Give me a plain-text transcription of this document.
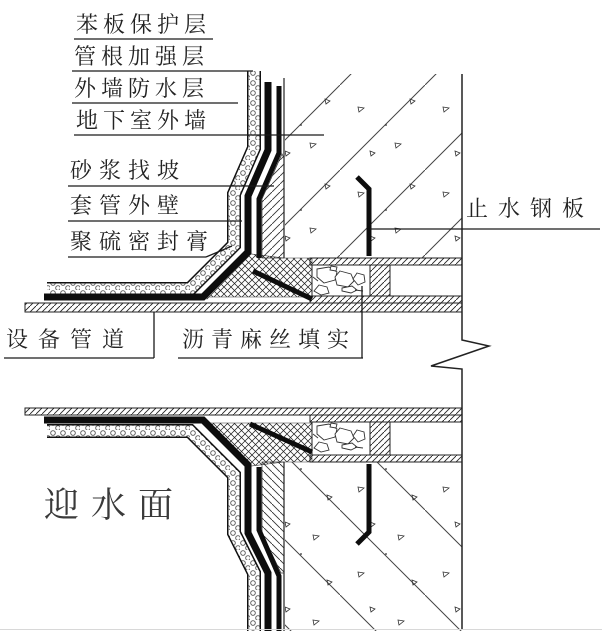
苯板保护层
管根加强层
外墙防水层
地下室外墙
砂浆找坡
套管外壁
聚硫密封膏
止水钢板
设备管道 沥青麻丝填实
迎水面
